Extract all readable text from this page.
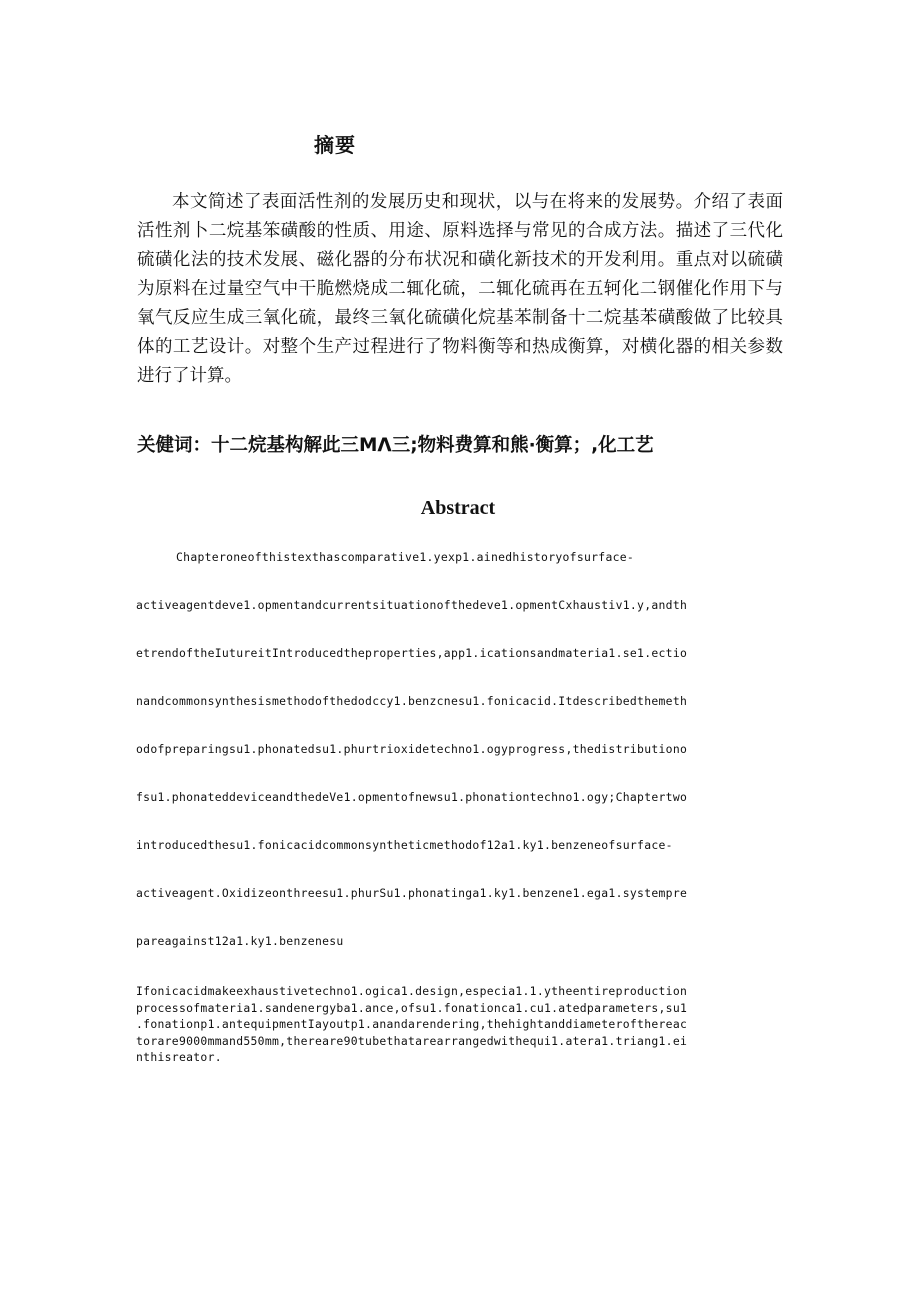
摘要

本文简述了表面活性剂的发展历史和现状，以与在将来的发展势。介绍了表面活性剂卜二烷基笨磺酸的性质、用途、原料选择与常见的合成方法。描述了三代化硫磺化法的技术发展、磁化器的分布状况和磺化新技术的开发利用。重点对以硫磺为原料在过量空气中干脆燃烧成二辄化硫，二辄化硫再在五轲化二钢催化作用下与氧气反应生成三氧化硫，最终三氧化硫磺化烷基苯制备十二烷基苯磺酸做了比较具体的工艺设计。对整个生产过程进行了物料衡等和热成衡算，对横化器的相关参数进行了计算。

关健词：十二烷基构解此三MΛ三;物料费算和熊·衡算；,化工艺

Abstract
Chapteroneofthistexthascomparative1.yexp1.ainedhistoryofsurface-
activeagentdeve1.opmentandcurrentsituationofthedeve1.opmentCxhaustiv1.y,andth
etrendoftheIutureitIntroducedtheproperties,app1.icationsandmateria1.se1.ectio
nandcommonsynthesismethodofthedodccy1.benzcnesu1.fonicacid.Itdescribedthemeth
odofpreparingsu1.phonatedsu1.phurtrioxidetechno1.ogyprogress,thedistributiono
fsu1.phonateddeviceandthedeVe1.opmentofnewsu1.phonationtechno1.ogy;Chaptertwo
introducedthesu1.fonicacidcommonsyntheticmethodof12a1.ky1.benzeneofsurface-
activeagent.Oxidizeonthreesu1.phurSu1.phonatinga1.ky1.benzene1.ega1.systempre
pareagainst12a1.ky1.benzenesu
Ifonicacidmakeexhaustivetechno1.ogica1.design,especia1.1.ytheentireproduction
processofmateria1.sandenergyba1.ance,ofsu1.fonationca1.cu1.atedparameters,su1
.fonationp1.antequipmentIayoutp1.anandarendering,thehightanddiameterofthereac
torare9000mmand550mm,thereare90tubethatarearrangedwithequi1.atera1.triang1.ei
nthisreator.
